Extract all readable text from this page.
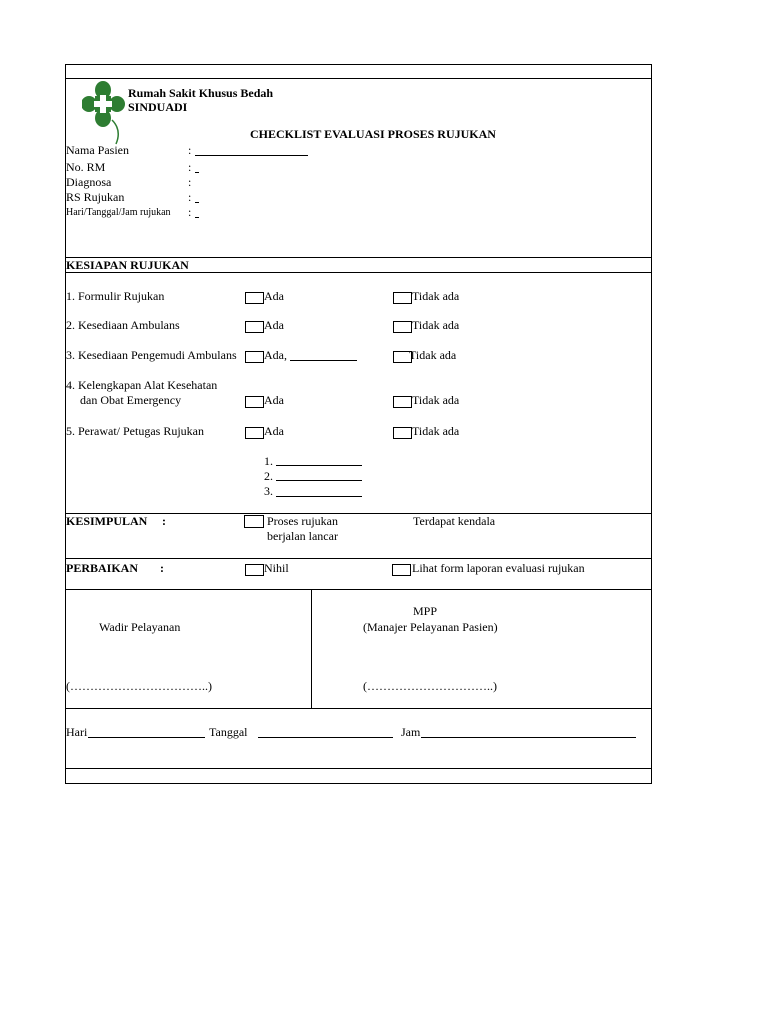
Rumah Sakit Khusus Bedah
SINDUADI
CHECKLIST EVALUASI PROSES RUJUKAN
Nama Pasien	:
No. RM	:
Diagnosa	:
RS Rujukan	:
Hari/Tanggal/Jam rujukan :
KESIAPAN RUJUKAN
1. Formulir Rujukan	Ada	Tidak ada
2. Kesediaan Ambulans	Ada	Tidak ada
3. Kesediaan Pengemudi Ambulans Ada,	Tidak ada
4. Kelengkapan Alat Kesehatan
dan Obat Emergency	Ada	Tidak ada
5. Perawat/ Petugas Rujukan	Ada	Tidak ada
1.
2.
3.
KESIMPULAN :	Proses rujukan
berjalan lancar
Terdapat kendala
PERBAIKAN :	Nihil	Lihat form laporan evaluasi rujukan
Wadir Pelayanan
(……………………………..)
MPP
(Manajer Pelayanan Pasien)
(…………………………..)
Hari	Tanggal	Jam
